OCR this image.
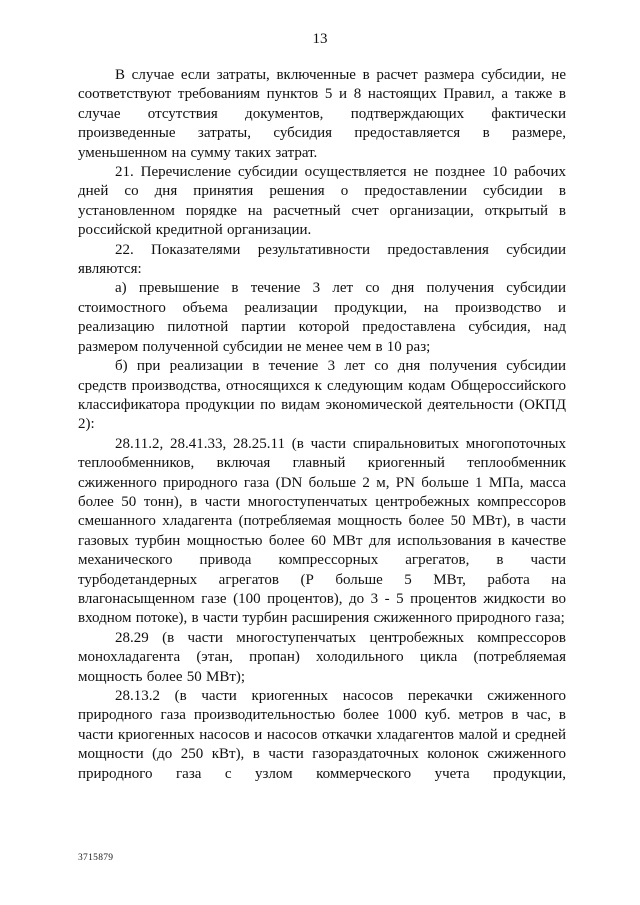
13

В случае если затраты, включенные в расчет размера субсидии, не соответствуют требованиям пунктов 5 и 8 настоящих Правил, а также в случае отсутствия документов, подтверждающих фактически произведенные затраты, субсидия предоставляется в размере, уменьшенном на сумму таких затрат.

21. Перечисление субсидии осуществляется не позднее 10 рабочих дней со дня принятия решения о предоставлении субсидии в установленном порядке на расчетный счет организации, открытый в российской кредитной организации.

22. Показателями результативности предоставления субсидии являются:

а) превышение в течение 3 лет со дня получения субсидии стоимостного объема реализации продукции, на производство и реализацию пилотной партии которой предоставлена субсидия, над размером полученной субсидии не менее чем в 10 раз;

б) при реализации в течение 3 лет со дня получения субсидии средств производства, относящихся к следующим кодам Общероссийского классификатора продукции по видам экономической деятельности (ОКПД 2):

28.11.2, 28.41.33, 28.25.11 (в части спиральновитых многопоточных теплообменников, включая главный криогенный теплообменник сжиженного природного газа (DN больше 2 м, PN больше 1 МПа, масса более 50 тонн), в части многоступенчатых центробежных компрессоров смешанного хладагента (потребляемая мощность более 50 МВт), в части газовых турбин мощностью более 60 МВт для использования в качестве механического привода компрессорных агрегатов, в части турбодетандерных агрегатов (Р больше 5 МВт, работа на влагонасыщенном газе (100 процентов), до 3 - 5 процентов жидкости во входном потоке), в части турбин расширения сжиженного природного газа;

28.29 (в части многоступенчатых центробежных компрессоров монохладагента (этан, пропан) холодильного цикла (потребляемая мощность более 50 МВт);

28.13.2 (в части криогенных насосов перекачки сжиженного природного газа производительностью более 1000 куб. метров в час, в части криогенных насосов и насосов откачки хладагентов малой и средней мощности (до 250 кВт), в части газораздаточных колонок сжиженного природного газа с узлом коммерческого учета продукции,

3715879
